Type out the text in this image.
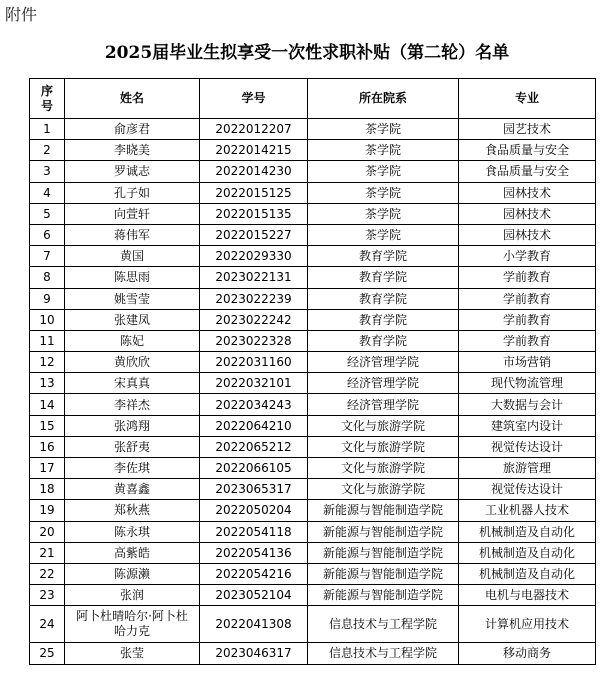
附件
2025届毕业生拟享受一次性求职补贴（第二轮）名单
序号	姓名	学号	所在院系	专业
1	俞彦君	2022012207	茶学院	园艺技术
2	李晓美	2022014215	茶学院	食品质量与安全
3	罗诚志	2022014230	茶学院	食品质量与安全
4	孔子如	2022015125	茶学院	园林技术
5	向萱轩	2022015135	茶学院	园林技术
6	蒋伟军	2022015227	茶学院	园林技术
7	黄国	2022029330	教育学院	小学教育
8	陈思雨	2023022131	教育学院	学前教育
9	姚雪莹	2023022239	教育学院	学前教育
10	张建凤	2023022242	教育学院	学前教育
11	陈妃	2023022328	教育学院	学前教育
12	黄欣欣	2022031160	经济管理学院	市场营销
13	宋真真	2022032101	经济管理学院	现代物流管理
14	李祥杰	2022034243	经济管理学院	大数据与会计
15	张鸿翔	2022064210	文化与旅游学院	建筑室内设计
16	张舒夷	2022065212	文化与旅游学院	视觉传达设计
17	李佐琪	2022066105	文化与旅游学院	旅游管理
18	黄喜鑫	2023065317	文化与旅游学院	视觉传达设计
19	郑秋燕	2022050204	新能源与智能制造学院	工业机器人技术
20	陈永琪	2022054118	新能源与智能制造学院	机械制造及自动化
21	高紫皓	2022054136	新能源与智能制造学院	机械制造及自动化
22	陈源濑	2022054216	新能源与智能制造学院	机械制造及自动化
23	张润	2023052104	新能源与智能制造学院	电机与电器技术
24	阿卜杜晴哈尔·阿卜杜哈力克	2022041308	信息技术与工程学院	计算机应用技术
25	张莹	2023046317	信息技术与工程学院	移动商务
